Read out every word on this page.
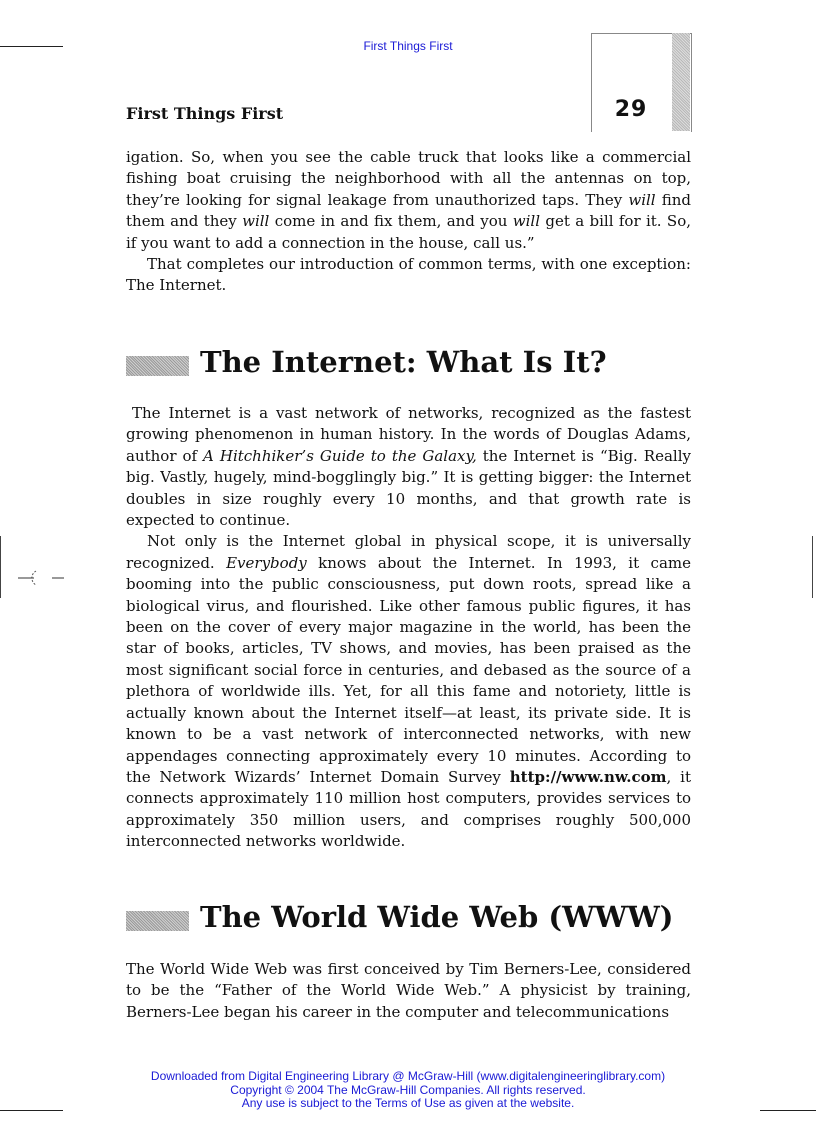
First Things First
29
First Things First

igation. So, when you see the cable truck that looks like a commercial fishing boat cruising the neighborhood with all the antennas on top, they’re looking for signal leakage from unauthorized taps. They will find them and they will come in and fix them, and you will get a bill for it. So, if you want to add a connection in the house, call us.”

That completes our introduction of common terms, with one exception: The Internet.

The Internet: What Is It?

The Internet is a vast network of networks, recognized as the fastest growing phenomenon in human history. In the words of Douglas Adams, author of A Hitchhiker’s Guide to the Galaxy, the Internet is “Big. Really big. Vastly, hugely, mind-bogglingly big.” It is getting bigger: the Internet doubles in size roughly every 10 months, and that growth rate is expected to continue.

Not only is the Internet global in physical scope, it is universally recognized. Everybody knows about the Internet. In 1993, it came booming into the public consciousness, put down roots, spread like a biological virus, and flourished. Like other famous public figures, it has been on the cover of every major magazine in the world, has been the star of books, articles, TV shows, and movies, has been praised as the most significant social force in centuries, and debased as the source of a plethora of worldwide ills. Yet, for all this fame and notoriety, little is actually known about the Internet itself—at least, its private side. It is known to be a vast network of interconnected networks, with new appendages connecting approximately every 10 minutes. According to the Network Wizards’ Internet Domain Survey http://www.nw.com, it connects approximately 110 million host computers, provides services to approximately 350 million users, and comprises roughly 500,000 interconnected networks worldwide.

The World Wide Web (WWW)

The World Wide Web was first conceived by Tim Berners-Lee, considered to be the “Father of the World Wide Web.” A physicist by training, Berners-Lee began his career in the computer and telecommunications

Downloaded from Digital Engineering Library @ McGraw-Hill (www.digitalengineeringlibrary.com)
Copyright © 2004 The McGraw-Hill Companies. All rights reserved.
Any use is subject to the Terms of Use as given at the website.
